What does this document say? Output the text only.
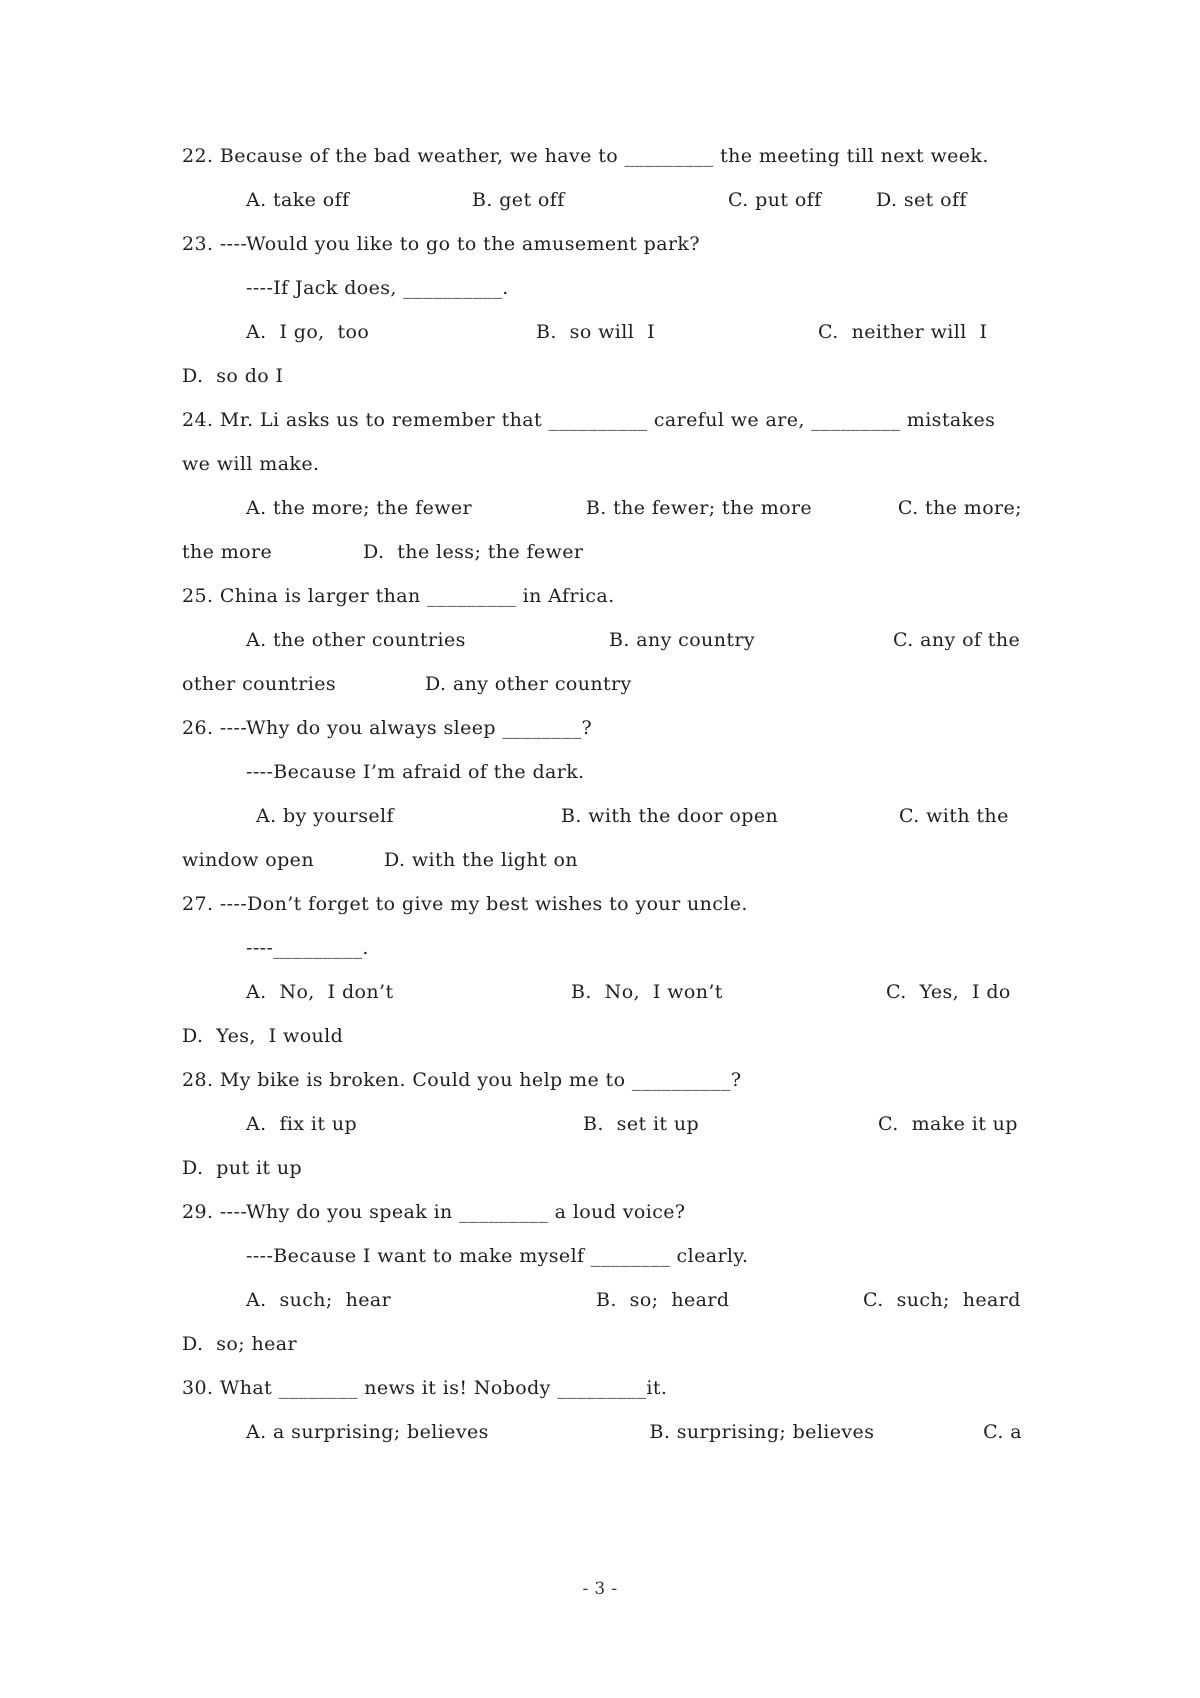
22. Because of the bad weather, we have to _________ the meeting till next week.
A. take off	B. get off	C. put off	D. set off
23. ----Would you like to go to the amusement park?
----If Jack does, __________.
A.  I go,  too	B.  so will  I	C.  neither will  I
D.  so do I
24. Mr. Li asks us to remember that __________ careful we are, _________ mistakes
we will make.
A. the more; the fewer	B. the fewer; the more	C. the more;
the more	D.  the less; the fewer
25. China is larger than _________ in Africa.
A. the other countries	B. any country	C. any of the
other countries	D. any other country
26. ----Why do you always sleep ________?
----Because I’m afraid of the dark.
A. by yourself	B. with the door open	C. with the
window open	D. with the light on
27. ----Don’t forget to give my best wishes to your uncle.
----_________.
A.  No,  I don’t	B.  No,  I won’t	C.  Yes,  I do
D.  Yes,  I would
28. My bike is broken. Could you help me to __________?
A.  fix it up	B.  set it up	C.  make it up
D.  put it up
29. ----Why do you speak in _________ a loud voice?
----Because I want to make myself ________ clearly.
A.  such;  hear	B.  so;  heard	C.  such;  heard
D.  so; hear
30. What ________ news it is! Nobody _________it.
A. a surprising; believes	B. surprising; believes	C. a
- 3 -
